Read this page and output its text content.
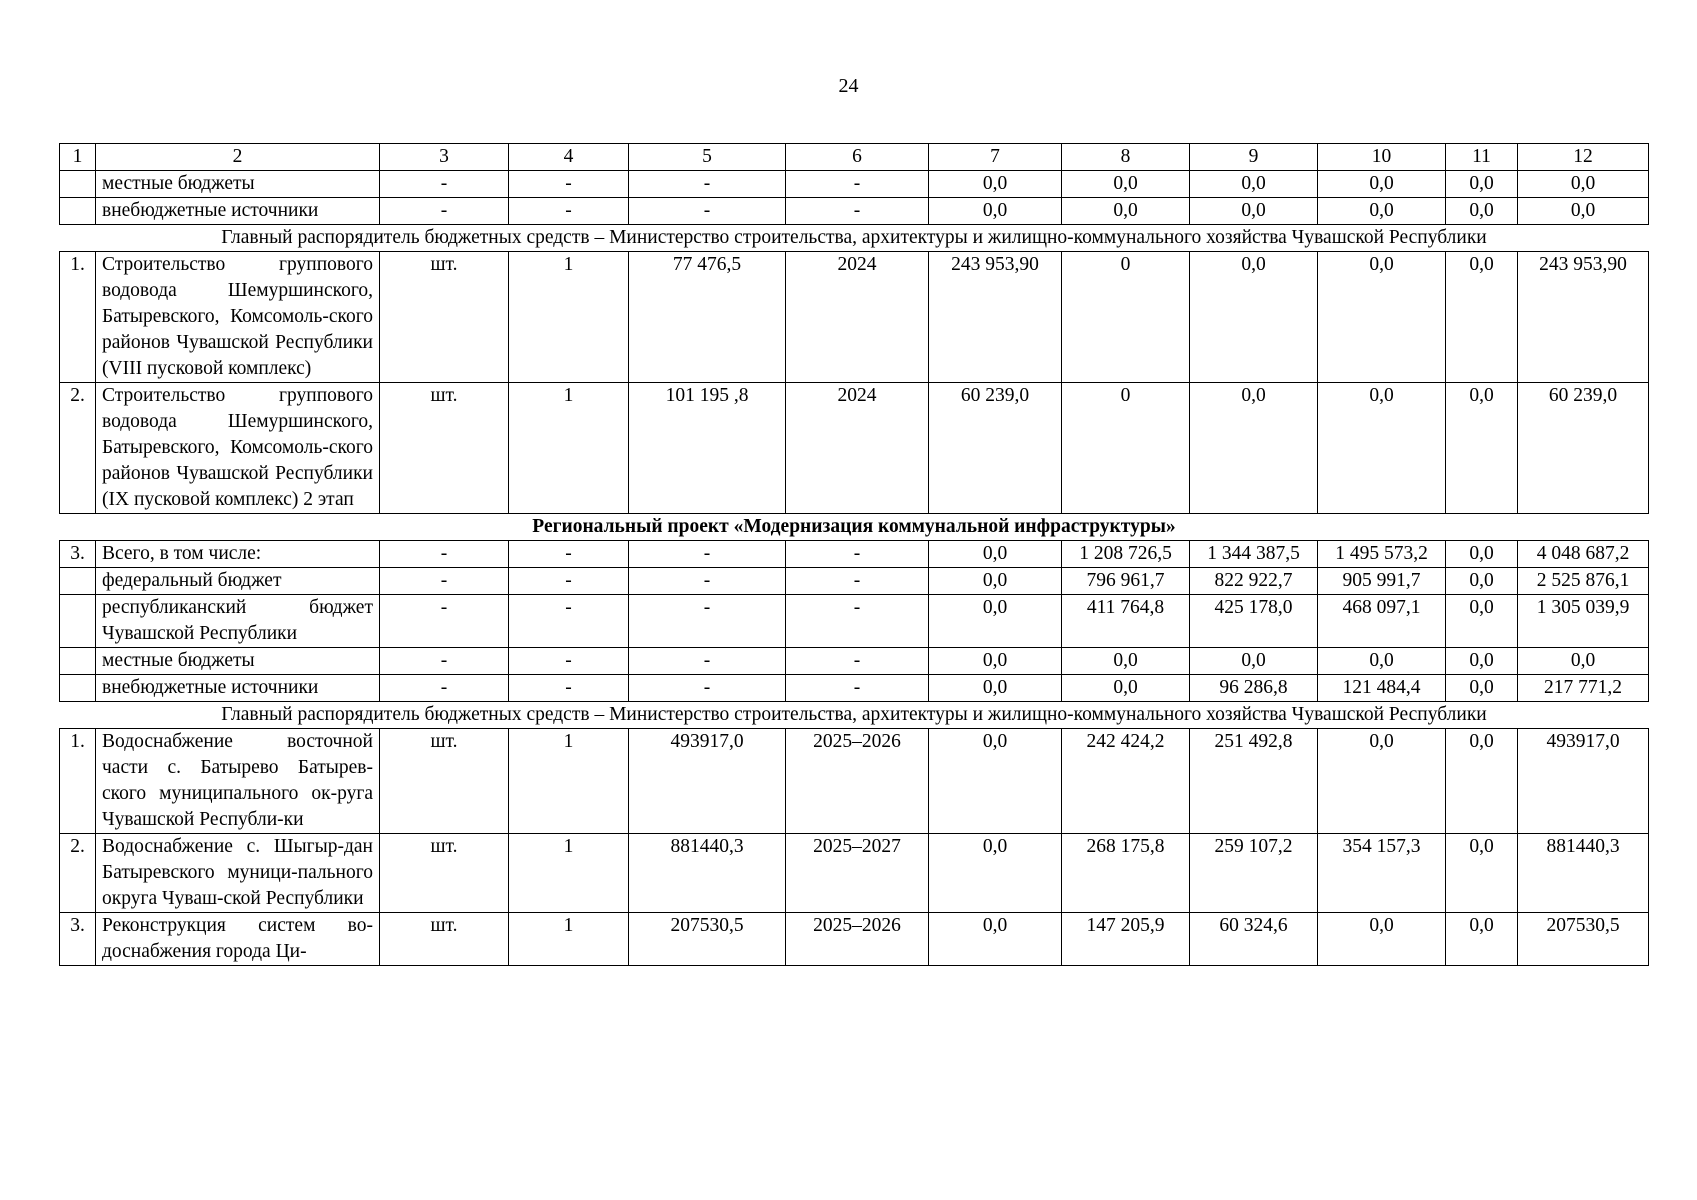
24
1	2	3	4	5	6	7	8	9	10	11	12
	местные бюджеты	-	-	-	-	0,0	0,0	0,0	0,0	0,0	0,0
	внебюджетные источники	-	-	-	-	0,0	0,0	0,0	0,0	0,0	0,0
Главный распорядитель бюджетных средств – Министерство строительства, архитектуры и жилищно-коммунального хозяйства Чувашской Республики											
1.	Строительство группового водовода Шемуршинского, Батыревского, Комсомоль-ского районов Чувашской Республики (VIII пусковой комплекс)	шт.	1	77 476,5	2024	243 953,90	0	0,0	0,0	0,0	243 953,90
2.	Строительство группового водовода Шемуршинского, Батыревского, Комсомоль-ского районов Чувашской Республики (IX пусковой комплекс) 2 этап	шт.	1	101 195 ,8	2024	60 239,0	0	0,0	0,0	0,0	60 239,0
Региональный проект «Модернизация коммунальной инфраструктуры»											
3.	Всего, в том числе:	-	-	-	-	0,0	1 208 726,5	1 344 387,5	1 495 573,2	0,0	4 048 687,2
	федеральный бюджет	-	-	-	-	0,0	796 961,7	822 922,7	905 991,7	0,0	2 525 876,1
	республиканский бюджет Чувашской Республики	-	-	-	-	0,0	411 764,8	425 178,0	468 097,1	0,0	1 305 039,9
	местные бюджеты	-	-	-	-	0,0	0,0	0,0	0,0	0,0	0,0
	внебюджетные источники	-	-	-	-	0,0	0,0	96 286,8	121 484,4	0,0	217 771,2
Главный распорядитель бюджетных средств – Министерство строительства, архитектуры и жилищно-коммунального хозяйства Чувашской Республики											
1.	Водоснабжение восточной части с. Батырево Батырев-ского муниципального ок-руга Чувашской Республи-ки	шт.	1	493917,0	2025–2026	0,0	242 424,2	251 492,8	0,0	0,0	493917,0
2.	Водоснабжение с. Шыгыр-дан Батыревского муници-пального округа Чуваш-ской Республики	шт.	1	881440,3	2025–2027	0,0	268 175,8	259 107,2	354 157,3	0,0	881440,3
3.	Реконструкция систем во-доснабжения города Ци-	шт.	1	207530,5	2025–2026	0,0	147 205,9	60 324,6	0,0	0,0	207530,5
